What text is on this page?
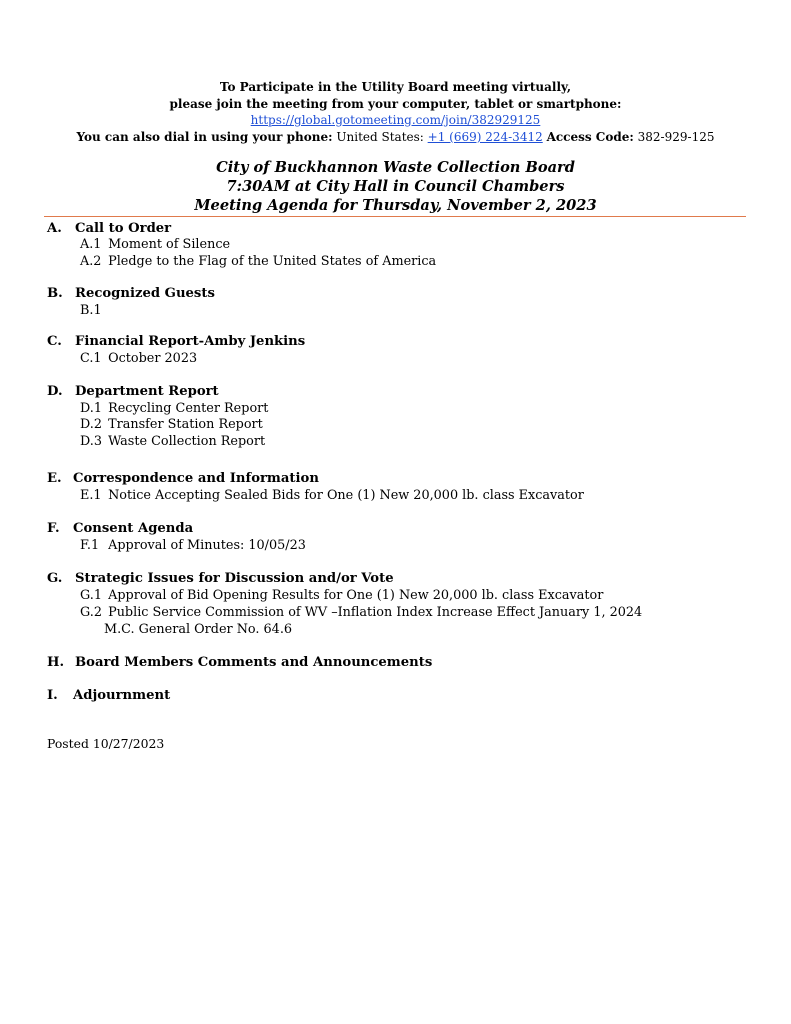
To Participate in the Utility Board meeting virtually,
please join the meeting from your computer, tablet or smartphone:
https://global.gotomeeting.com/join/382929125
You can also dial in using your phone: United States: +1 (669) 224-3412 Access Code: 382-929-125
City of Buckhannon Waste Collection Board
7:30AM at City Hall in Council Chambers
Meeting Agenda for Thursday, November 2, 2023
A. Call to Order
A.1 Moment of Silence
A.2 Pledge to the Flag of the United States of America
B. Recognized Guests
B.1
C. Financial Report-Amby Jenkins
C.1 October 2023
D. Department Report
D.1 Recycling Center Report
D.2 Transfer Station Report
D.3 Waste Collection Report
E. Correspondence and Information
E.1 Notice Accepting Sealed Bids for One (1) New 20,000 lb. class Excavator
F. Consent Agenda
F.1 Approval of Minutes: 10/05/23
G. Strategic Issues for Discussion and/or Vote
G.1 Approval of Bid Opening Results for One (1) New 20,000 lb. class Excavator
G.2 Public Service Commission of WV –Inflation Index Increase Effect January 1, 2024
M.C. General Order No. 64.6
H. Board Members Comments and Announcements
I. Adjournment
Posted 10/27/2023
